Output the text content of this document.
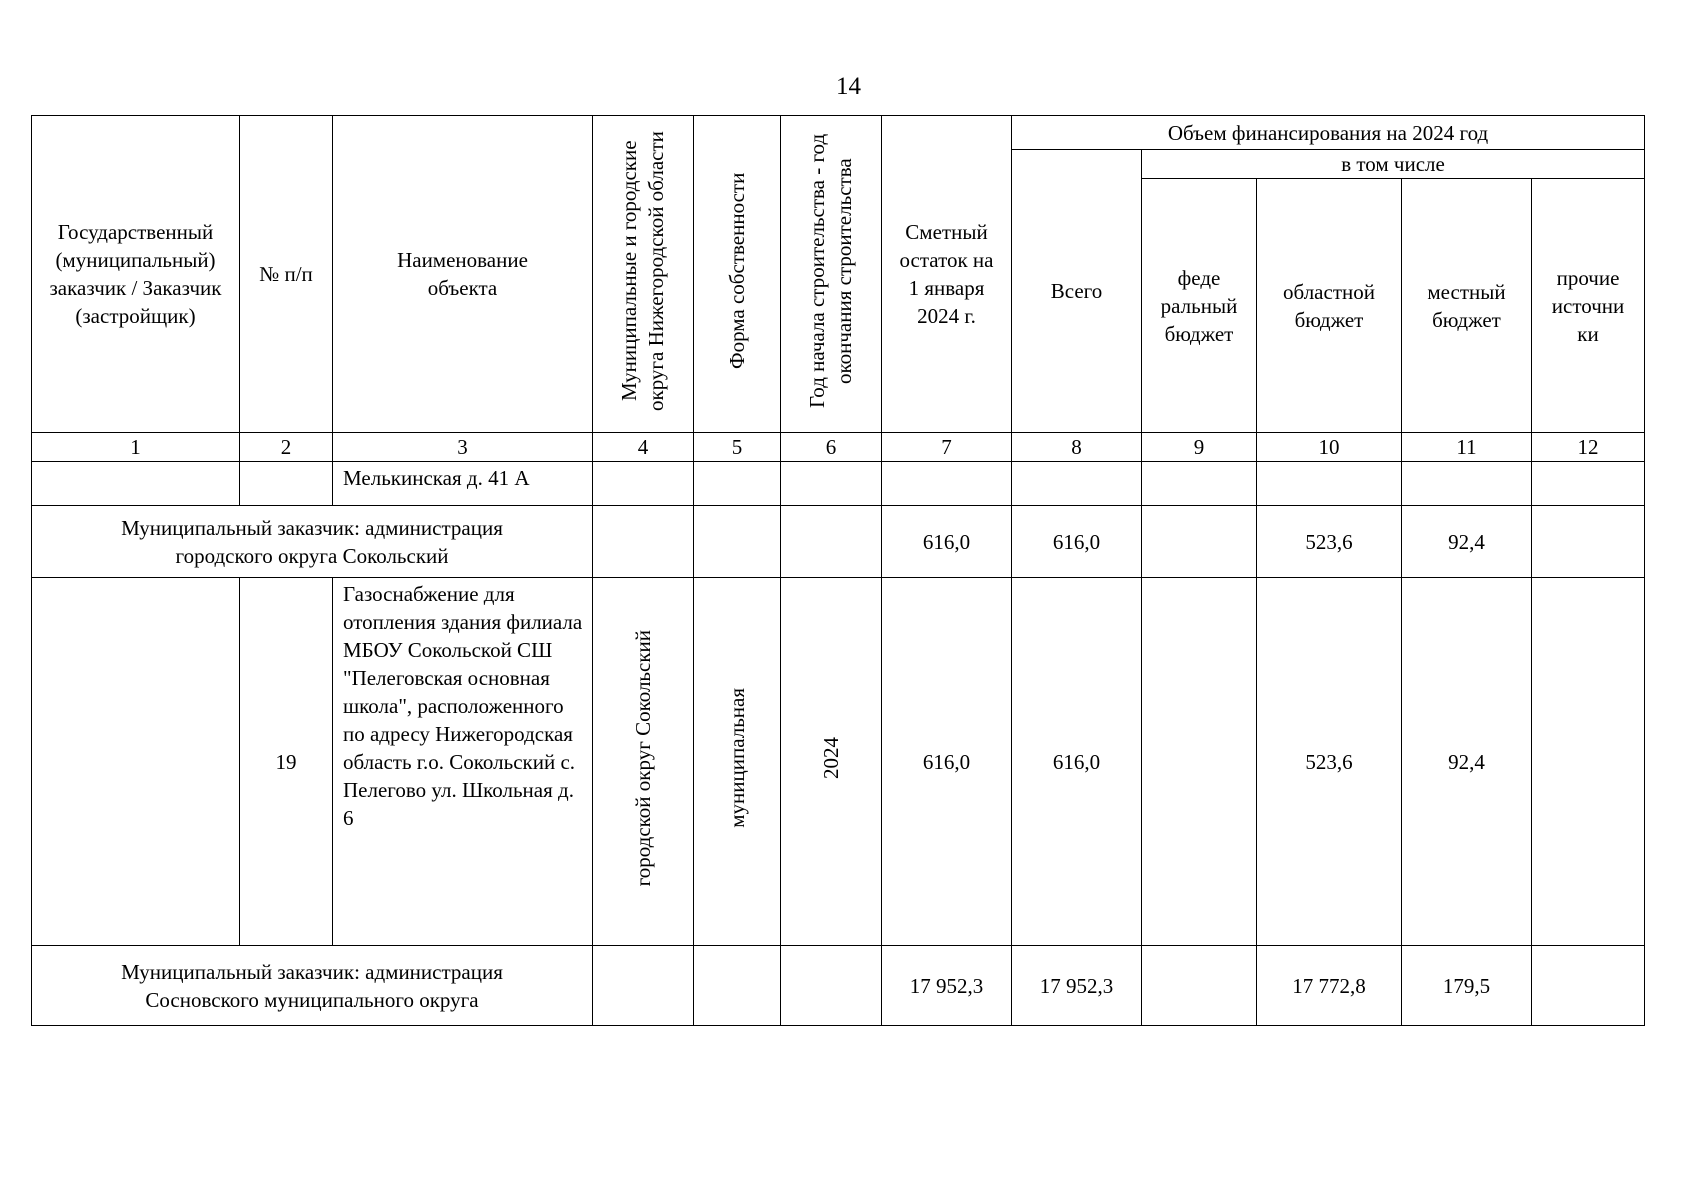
14
Государственный (муниципальный) заказчик / Заказчик (застройщик)	№ п/п	Наименование объекта	Муниципальные и городские округа Нижегородской области	Форма собственности	Год начала строительства - год окончания строительства	Сметный остаток на 1 января 2024 г.	Объем финансирования на 2024 год				
							Всего	в том числе			
								феде ральный бюджет	областной бюджет	местный бюджет	прочие источни ки
1	2	3	4	5	6	7	8	9	10	11	12
		Мелькинская д. 41 А									
Муниципальный заказчик: администрация городского округа Сокольский						616,0	616,0		523,6	92,4	
	19	Газоснабжение для отопления здания филиала МБОУ Сокольской СШ "Пелеговская основная школа", расположенного по адресу Нижегородская область г.о. Сокольский с. Пелегово ул. Школьная д. 6	городской округ Сокольский	муниципальная	2024	616,0	616,0		523,6	92,4	
Муниципальный заказчик: администрация Сосновского муниципального округа						17 952,3	17 952,3		17 772,8	179,5	
